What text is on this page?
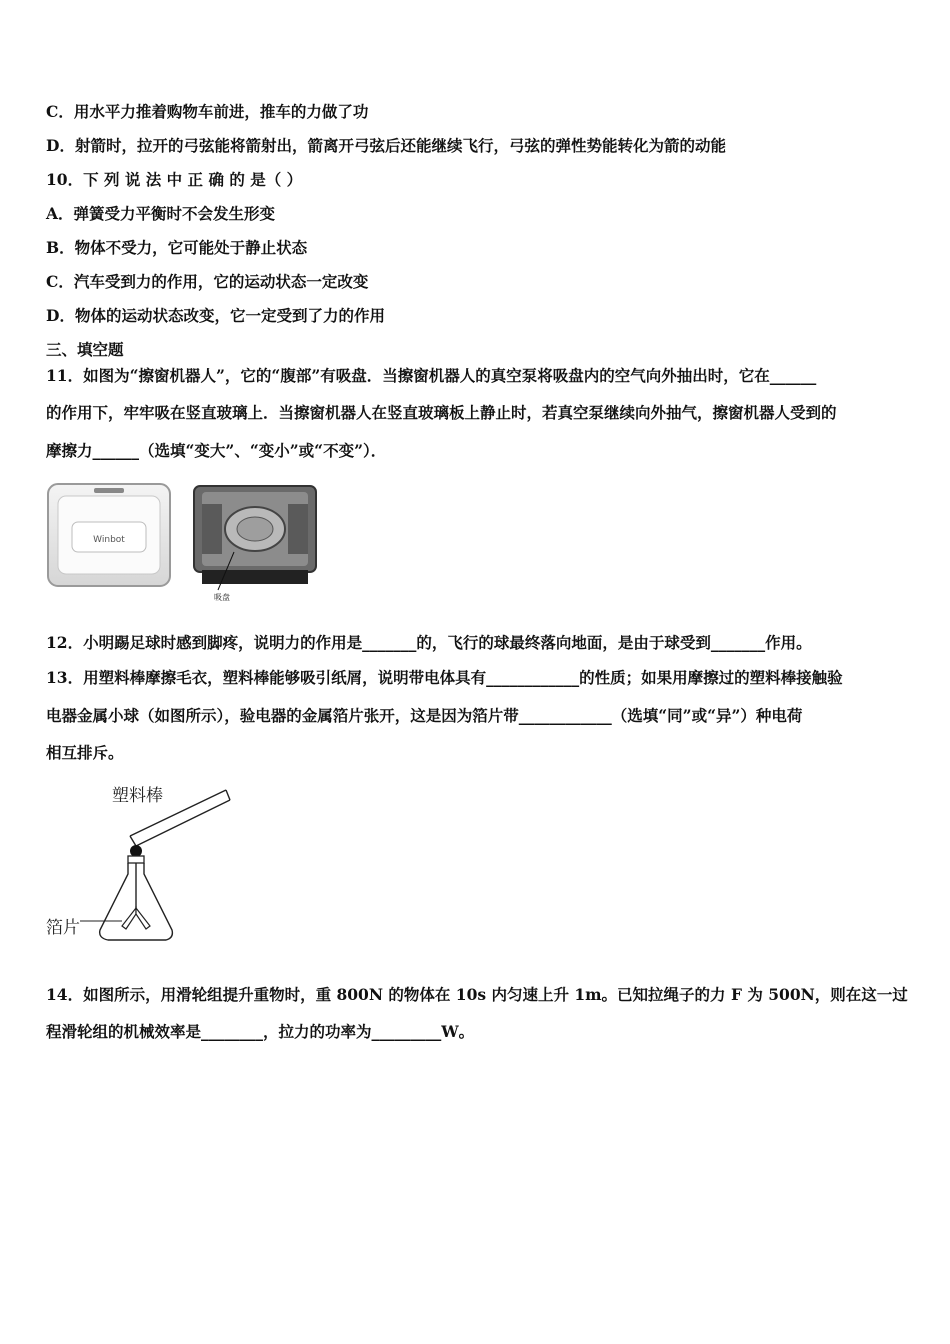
C．用水平力推着购物车前进，推车的力做了功
D．射箭时，拉开的弓弦能将箭射出，箭离开弓弦后还能继续飞行，弓弦的弹性势能转化为箭的动能
10．下 列 说 法 中 正 确 的 是（ ）
A．弹簧受力平衡时不会发生形变
B．物体不受力，它可能处于静止状态
C．汽车受到力的作用，它的运动状态一定改变
D．物体的运动状态改变，它一定受到了力的作用
三、填空题
11．如图为“擦窗机器人”，它的“腹部”有吸盘．当擦窗机器人的真空泵将吸盘内的空气向外抽出时，它在______
的作用下，牢牢吸在竖直玻璃上．当擦窗机器人在竖直玻璃板上静止时，若真空泵继续向外抽气，擦窗机器人受到的
摩擦力______（选填“变大”、“变小”或“不变”）．
Winbot
吸盘
12．小明踢足球时感到脚疼，说明力的作用是_______的，飞行的球最终落向地面，是由于球受到_______作用。
13．用塑料棒摩擦毛衣，塑料棒能够吸引纸屑，说明带电体具有____________的性质；如果用摩擦过的塑料棒接触验
电器金属小球（如图所示），验电器的金属箔片张开，这是因为箔片带____________（选填“同”或“异”）种电荷
相互排斥。
塑料棒
箔片
14．如图所示，用滑轮组提升重物时，重 800N 的物体在 10s 内匀速上升 1m。已知拉绳子的力 F 为 500N，则在这一过
程滑轮组的机械效率是________，拉力的功率为_________W。
